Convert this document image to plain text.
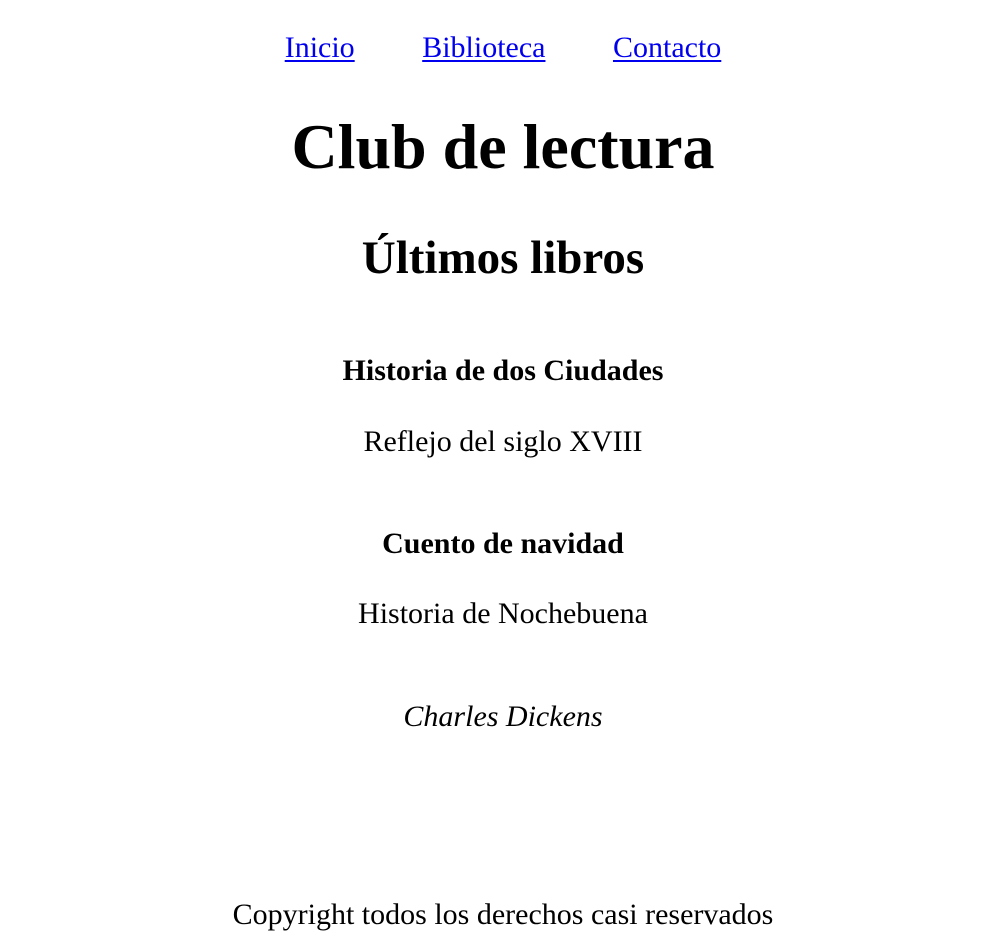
Inicio Biblioteca Contacto
Club de lectura
Últimos libros
Historia de dos Ciudades

Reflejo del siglo XVIII

Cuento de navidad

Historia de Nochebuena

Charles Dickens

Copyright todos los derechos casi reservados
